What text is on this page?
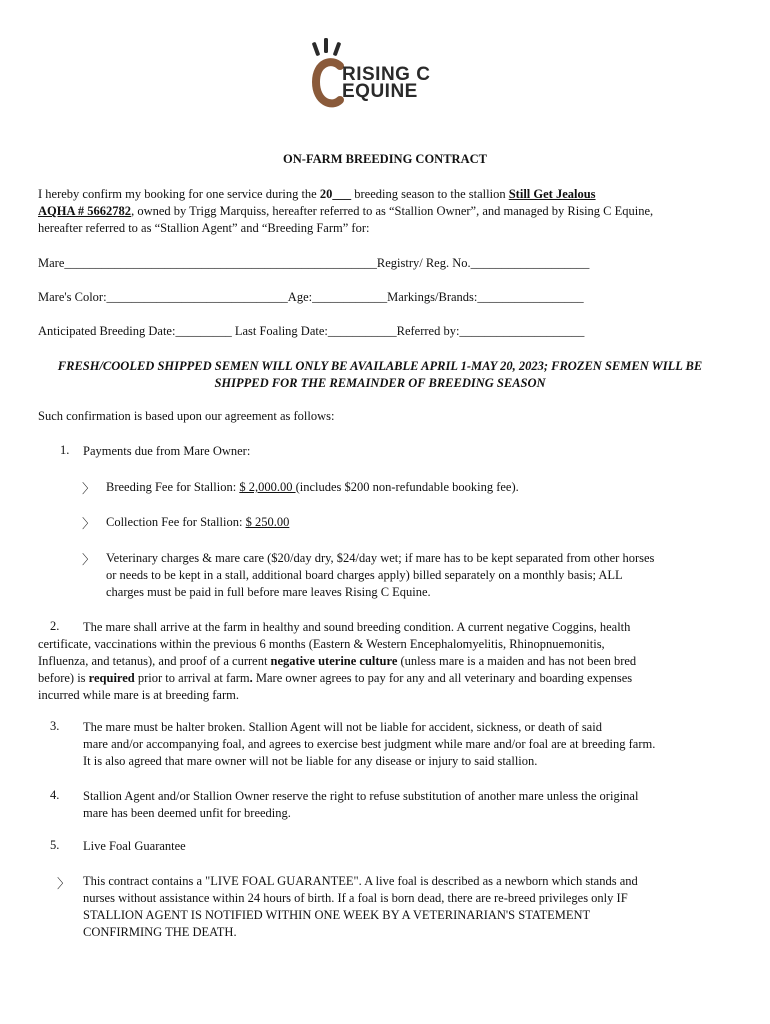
RISING C
EQUINE
ON-FARM BREEDING CONTRACT
I hereby confirm my booking for one service during the 20___ breeding season to the stallion Still Get Jealous
AQHA # 5662782, owned by Trigg Marquiss, hereafter referred to as “Stallion Owner”, and managed by Rising C Equine,
hereafter referred to as “Stallion Agent” and “Breeding Farm” for:
Mare__________________________________________________Registry/ Reg. No.___________________
Mare's Color:_____________________________Age:____________Markings/Brands:_________________
Anticipated Breeding Date:_________ Last Foaling Date:___________Referred by:____________________
FRESH/COOLED SHIPPED SEMEN WILL ONLY BE AVAILABLE APRIL 1-MAY 20, 2023; FROZEN SEMEN WILL BE SHIPPED FOR THE REMAINDER OF BREEDING SEASON
Such confirmation is based upon our agreement as follows:
1. Payments due from Mare Owner:
〉 Breeding Fee for Stallion: $ 2,000.00 (includes $200 non-refundable booking fee).
〉 Collection Fee for Stallion: $ 250.00
〉 Veterinary charges & mare care ($20/day dry, $24/day wet; if mare has to be kept separated from other horses
or needs to be kept in a stall, additional board charges apply) billed separately on a monthly basis; ALL
charges must be paid in full before mare leaves Rising C Equine.
2. The mare shall arrive at the farm in healthy and sound breeding condition. A current negative Coggins, health
certificate, vaccinations within the previous 6 months (Eastern & Western Encephalomyelitis, Rhinopnuemonitis,
Influenza, and tetanus), and proof of a current negative uterine culture (unless mare is a maiden and has not been bred
before) is required prior to arrival at farm. Mare owner agrees to pay for any and all veterinary and boarding expenses
incurred while mare is at breeding farm.
3. The mare must be halter broken. Stallion Agent will not be liable for accident, sickness, or death of said
mare and/or accompanying foal, and agrees to exercise best judgment while mare and/or foal are at breeding farm.
It is also agreed that mare owner will not be liable for any disease or injury to said stallion.
4. Stallion Agent and/or Stallion Owner reserve the right to refuse substitution of another mare unless the original
mare has been deemed unfit for breeding.
5. Live Foal Guarantee
〉 This contract contains a "LIVE FOAL GUARANTEE". A live foal is described as a newborn which stands and
nurses without assistance within 24 hours of birth. If a foal is born dead, there are re-breed privileges only IF
STALLION AGENT IS NOTIFIED WITHIN ONE WEEK BY A VETERINARIAN'S STATEMENT
CONFIRMING THE DEATH.
